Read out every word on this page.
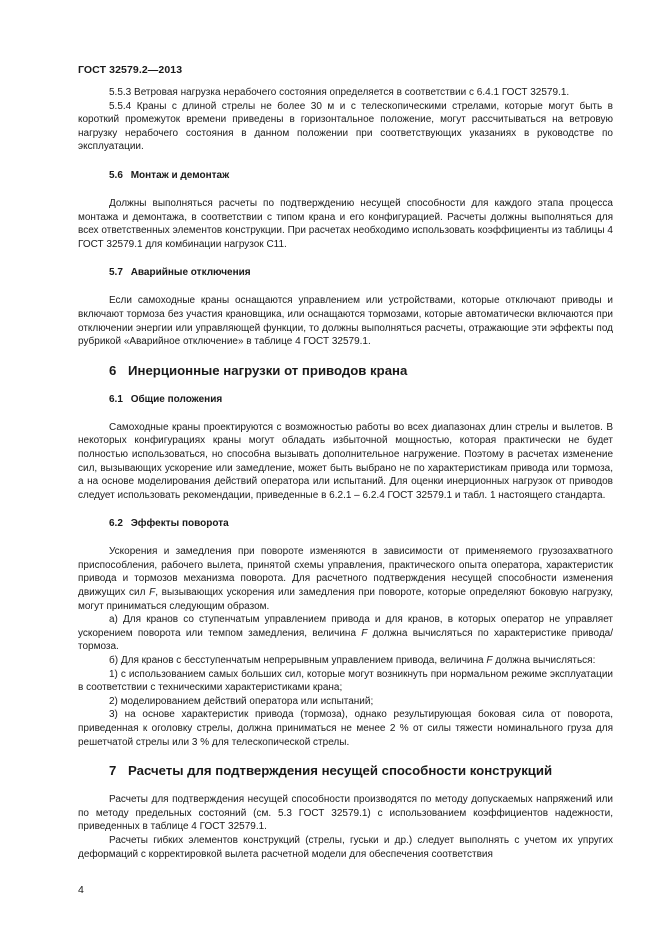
ГОСТ 32579.2—2013

5.5.3 Ветровая нагрузка нерабочего состояния определяется в соответствии с 6.4.1 ГОСТ 32579.1.

5.5.4 Краны с длиной стрелы не более 30 м и с телескопическими стрелами, которые могут быть в короткий промежуток времени приведены в горизонтальное положение, могут рассчитываться на ветровую нагрузку нерабочего состояния в данном положении при соответствующих указаниях в руководстве по эксплуатации.

5.6 Монтаж и демонтаж

Должны выполняться расчеты по подтверждению несущей способности для каждого этапа процесса монтажа и демонтажа, в соответствии с типом крана и его конфигурацией. Расчеты должны выполняться для всех ответственных элементов конструкции. При расчетах необходимо использовать коэффициенты из таблицы 4 ГОСТ 32579.1 для комбинации нагрузок С11.

5.7 Аварийные отключения

Если самоходные краны оснащаются управлением или устройствами, которые отключают приводы и включают тормоза без участия крановщика, или оснащаются тормозами, которые автоматически включаются при отключении энергии или управляющей функции, то должны выполняться расчеты, отражающие эти эффекты под рубрикой «Аварийное отключение» в таблице 4 ГОСТ 32579.1.

6 Инерционные нагрузки от приводов крана
6.1 Общие положения

Самоходные краны проектируются с возможностью работы во всех диапазонах длин стрелы и вылетов. В некоторых конфигурациях краны могут обладать избыточной мощностью, которая практически не будет полностью использоваться, но способна вызывать дополнительное нагружение. Поэтому в расчетах изменение сил, вызывающих ускорение или замедление, может быть выбрано не по характеристикам привода или тормоза, а на основе моделирования действий оператора или испытаний. Для оценки инерционных нагрузок от приводов следует использовать рекомендации, приведенные в 6.2.1 – 6.2.4 ГОСТ 32579.1 и табл. 1 настоящего стандарта.

6.2 Эффекты поворота

Ускорения и замедления при повороте изменяются в зависимости от применяемого грузозахватного приспособления, рабочего вылета, принятой схемы управления, практического опыта оператора, характеристик привода и тормозов механизма поворота. Для расчетного подтверждения несущей способности изменения движущих сил F, вызывающих ускорения или замедления при повороте, которые определяют боковую нагрузку, могут приниматься следующим образом.

а) Для кранов со ступенчатым управлением привода и для кранов, в которых оператор не управляет ускорением поворота или темпом замедления, величина F должна вычисляться по характеристике привода/тормоза.

б) Для кранов с бесступенчатым непрерывным управлением привода, величина F должна вычисляться:

1) с использованием самых больших сил, которые могут возникнуть при нормальном режиме эксплуатации в соответствии с техническими характеристиками крана;

2) моделированием действий оператора или испытаний;

3) на основе характеристик привода (тормоза), однако результирующая боковая сила от поворота, приведенная к оголовку стрелы, должна приниматься не менее 2 % от силы тяжести номинального груза для решетчатой стрелы или 3 % для телескопической стрелы.

7 Расчеты для подтверждения несущей способности конструкций

Расчеты для подтверждения несущей способности производятся по методу допускаемых напряжений или по методу предельных состояний (см. 5.3 ГОСТ 32579.1) с использованием коэффициентов надежности, приведенных в таблице 4 ГОСТ 32579.1.

Расчеты гибких элементов конструкций (стрелы, гуськи и др.) следует выполнять с учетом их упругих деформаций с корректировкой вылета расчетной модели для обеспечения соответствия

4
